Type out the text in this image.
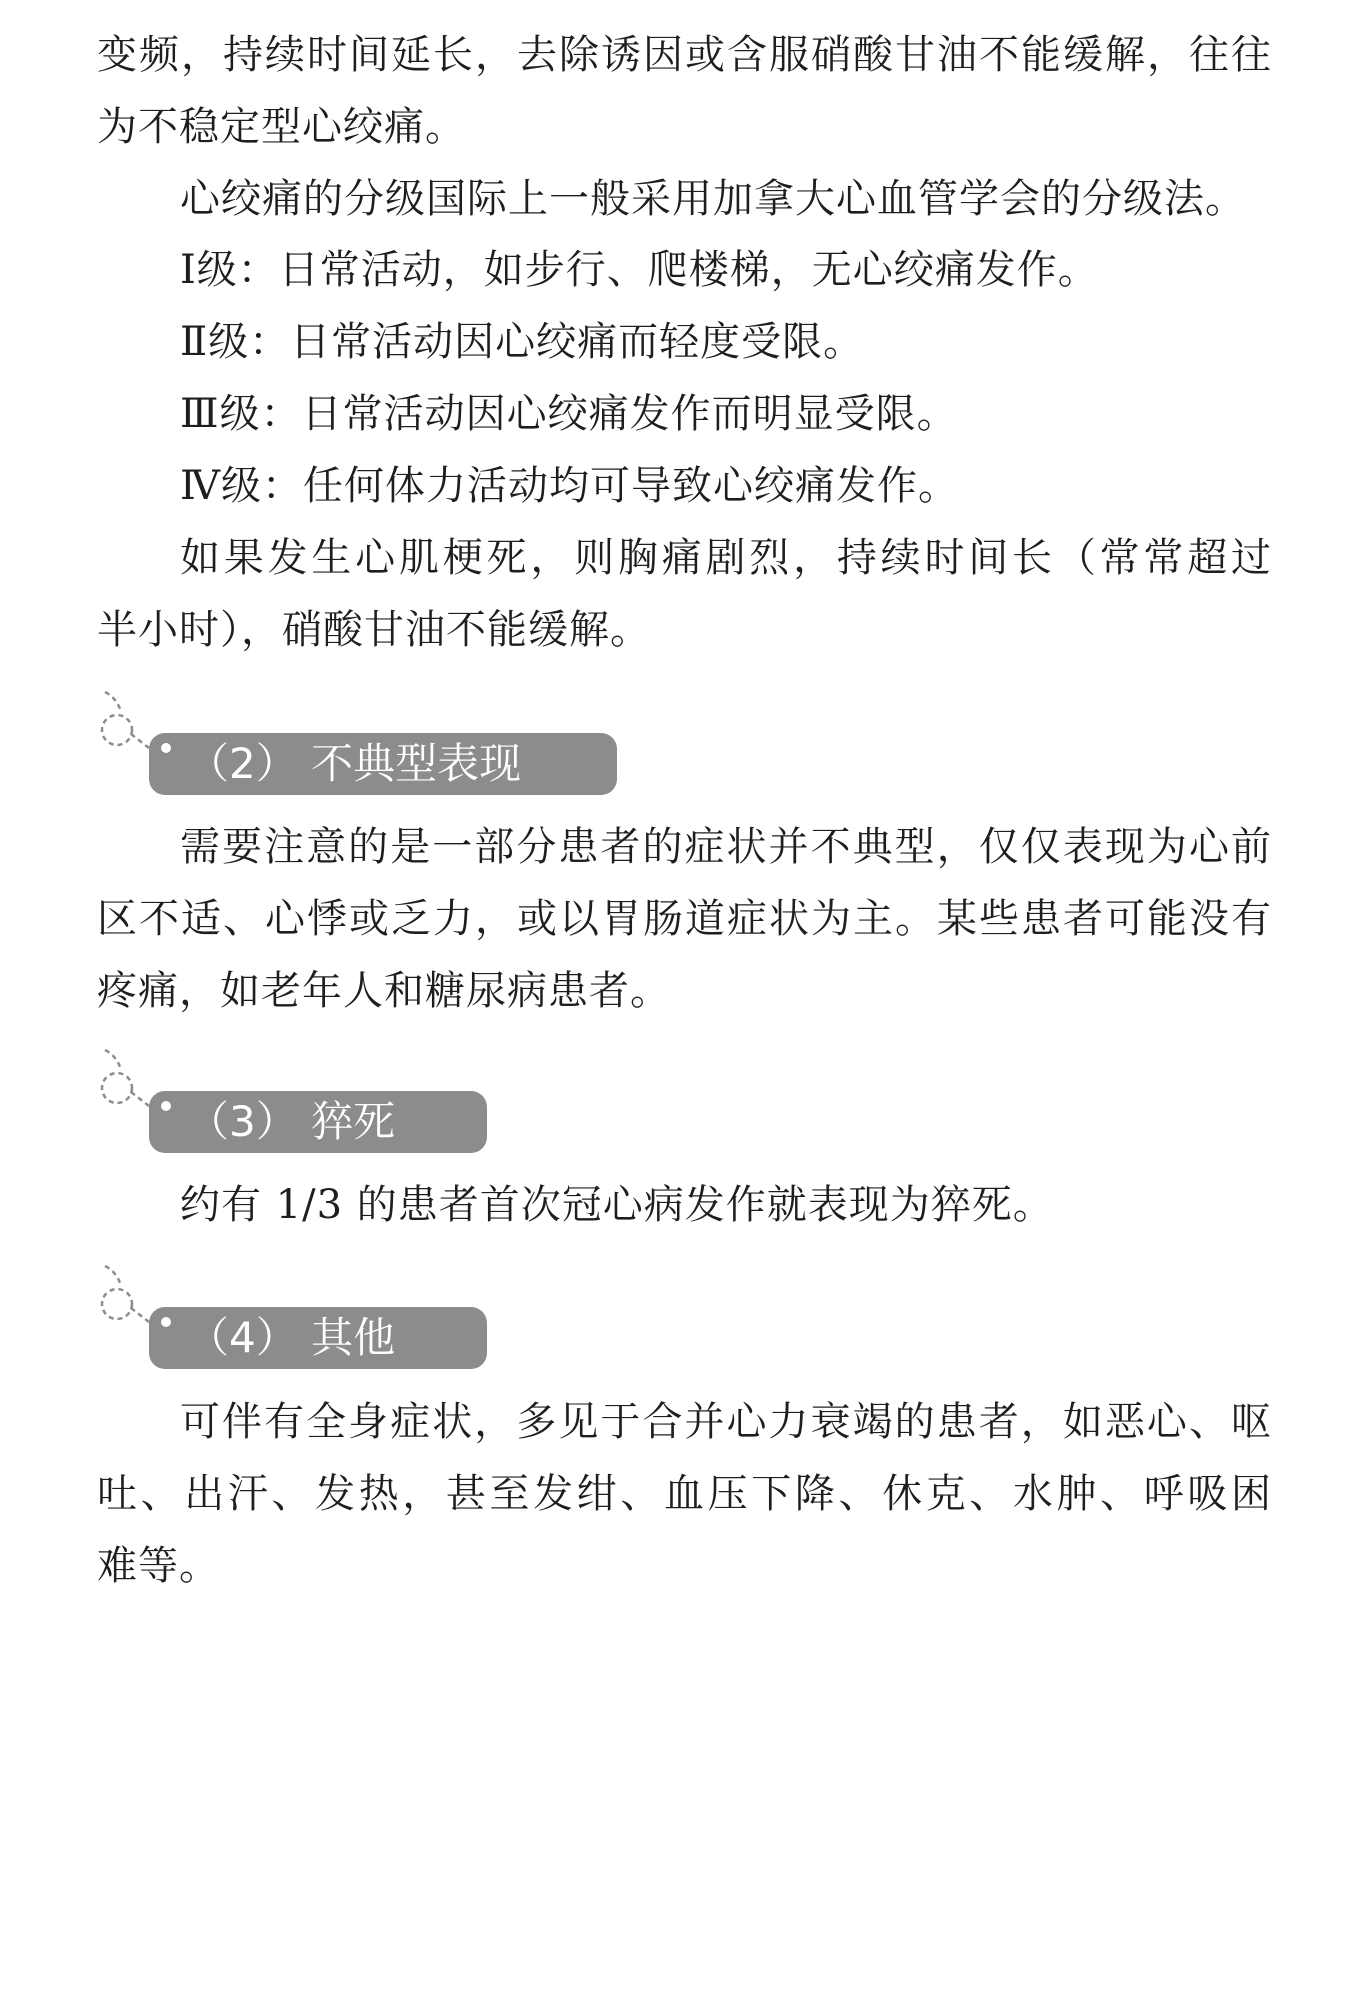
变频，持续时间延长，去除诱因或含服硝酸甘油不能缓解，往往
为不稳定型心绞痛。
心绞痛的分级国际上一般采用加拿大心血管学会的分级法。
Ⅰ级：日常活动，如步行、爬楼梯，无心绞痛发作。
Ⅱ级：日常活动因心绞痛而轻度受限。
Ⅲ级：日常活动因心绞痛发作而明显受限。
Ⅳ级：任何体力活动均可导致心绞痛发作。
如果发生心肌梗死，则胸痛剧烈，持续时间长（常常超过
半小时），硝酸甘油不能缓解。
（2） 不典型表现
需要注意的是一部分患者的症状并不典型，仅仅表现为心前
区不适、心悸或乏力，或以胃肠道症状为主。某些患者可能没有
疼痛，如老年人和糖尿病患者。
（3） 猝死
约有 1/3 的患者首次冠心病发作就表现为猝死。
（4） 其他
可伴有全身症状，多见于合并心力衰竭的患者，如恶心、呕
吐、出汗、发热，甚至发绀、血压下降、休克、水肿、呼吸困
难等。
